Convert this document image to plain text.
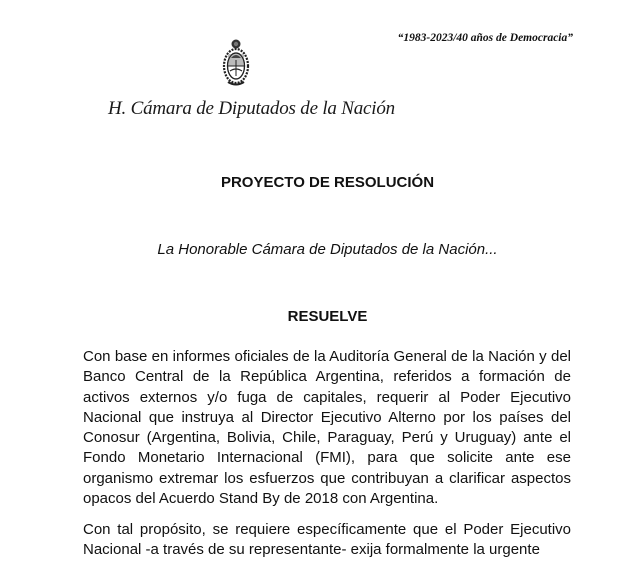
“1983-2023/40 años de Democracia”
H. Cámara de Diputados de la Nación
PROYECTO DE RESOLUCIÓN
La Honorable Cámara de Diputados de la Nación...
RESUELVE

Con base en informes oficiales de la Auditoría General de la Nación y del Banco Central de la República Argentina, referidos a formación de activos externos y/o fuga de capitales, requerir al Poder Ejecutivo Nacional que instruya al Director Ejecutivo Alterno por los países del Conosur (Argentina, Bolivia, Chile, Paraguay, Perú y Uruguay) ante el Fondo Monetario Internacional (FMI), para que solicite ante ese organismo extremar los esfuerzos que contribuyan a clarificar aspectos opacos del Acuerdo Stand By de 2018 con Argentina.

Con tal propósito, se requiere específicamente que el Poder Ejecutivo Nacional -a través de su representante- exija formalmente la urgente
